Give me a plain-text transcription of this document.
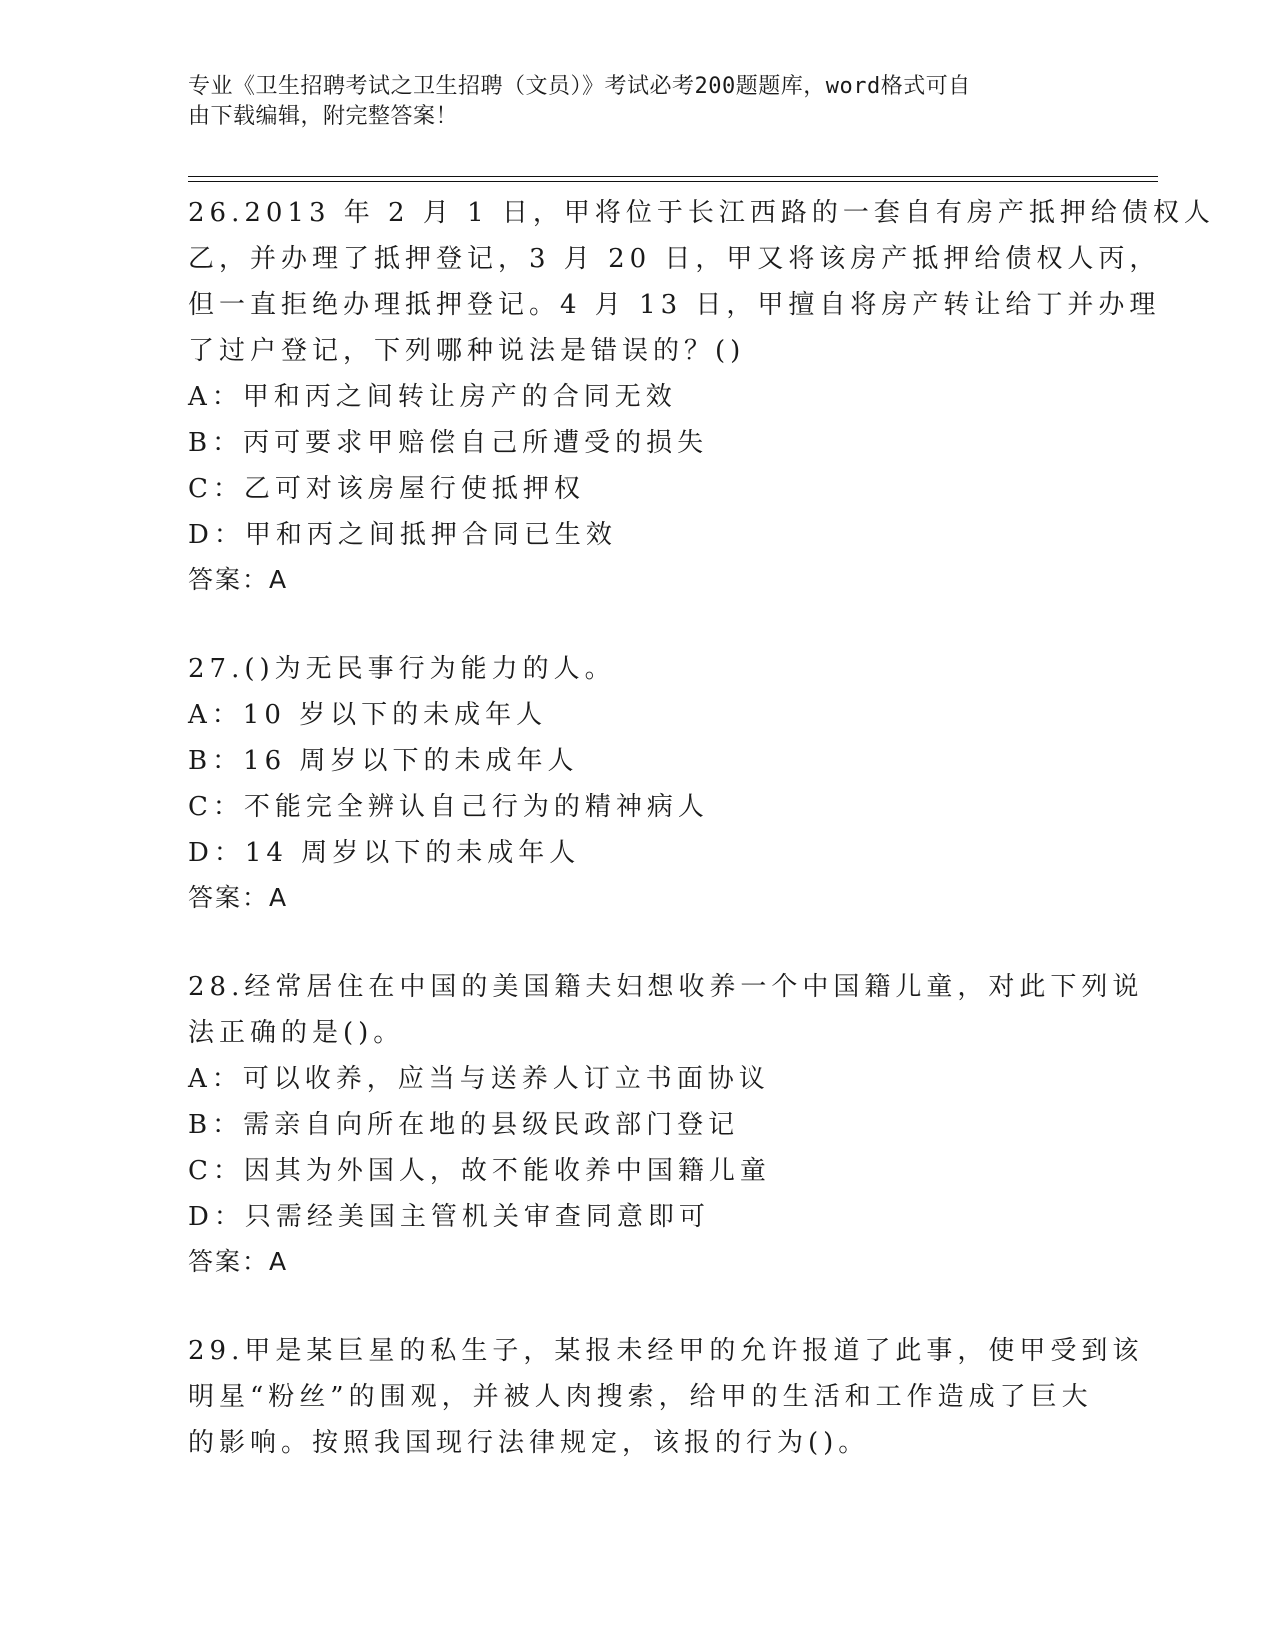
专业《卫生招聘考试之卫生招聘（文员）》考试必考200题题库，word格式可自
由下载编辑，附完整答案！
26.2013 年 2 月 1 日，甲将位于长江西路的一套自有房产抵押给债权人
乙，并办理了抵押登记，3 月 20 日，甲又将该房产抵押给债权人丙，
但一直拒绝办理抵押登记。4 月 13 日，甲擅自将房产转让给丁并办理
了过户登记，下列哪种说法是错误的？()
A：甲和丙之间转让房产的合同无效
B：丙可要求甲赔偿自己所遭受的损失
C：乙可对该房屋行使抵押权
D：甲和丙之间抵押合同已生效
答案：A
27.()为无民事行为能力的人。
A：10 岁以下的未成年人
B：16 周岁以下的未成年人
C：不能完全辨认自己行为的精神病人
D：14 周岁以下的未成年人
答案：A
28.经常居住在中国的美国籍夫妇想收养一个中国籍儿童，对此下列说
法正确的是()。
A：可以收养，应当与送养人订立书面协议
B：需亲自向所在地的县级民政部门登记
C：因其为外国人，故不能收养中国籍儿童
D：只需经美国主管机关审查同意即可
答案：A
29.甲是某巨星的私生子，某报未经甲的允许报道了此事，使甲受到该
明星“粉丝”的围观，并被人肉搜索，给甲的生活和工作造成了巨大
的影响。按照我国现行法律规定，该报的行为()。
